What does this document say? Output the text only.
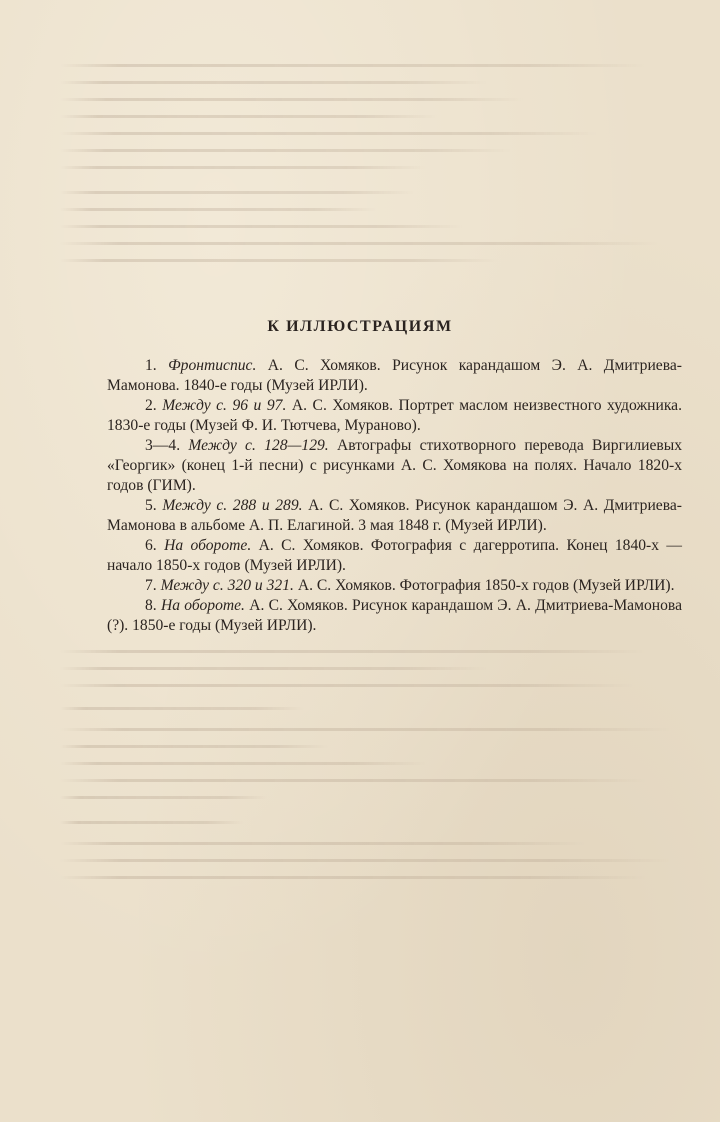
К ИЛЛЮСТРАЦИЯМ

1. Фронтиспис. А. С. Хомяков. Рисунок карандашом Э. А. Дмитриева-Мамонова. 1840-е годы (Музей ИРЛИ).

2. Между с. 96 и 97. А. С. Хомяков. Портрет маслом неизвестного художника. 1830-е годы (Музей Ф. И. Тютчева, Мураново).

3—4. Между с. 128—129. Автографы стихотворного перевода Виргилиевых «Георгик» (конец 1-й песни) с рисунками А. С. Хомякова на полях. Начало 1820-х годов (ГИМ).

5. Между с. 288 и 289. А. С. Хомяков. Рисунок карандашом Э. А. Дмитриева-Мамонова в альбоме А. П. Елагиной. 3 мая 1848 г. (Музей ИРЛИ).

6. На обороте. А. С. Хомяков. Фотография с дагерротипа. Конец 1840-х — начало 1850-х годов (Музей ИРЛИ).

7. Между с. 320 и 321. А. С. Хомяков. Фотография 1850-х годов (Музей ИРЛИ).

8. На обороте. А. С. Хомяков. Рисунок карандашом Э. А. Дмитриева-Мамонова (?). 1850-е годы (Музей ИРЛИ).
